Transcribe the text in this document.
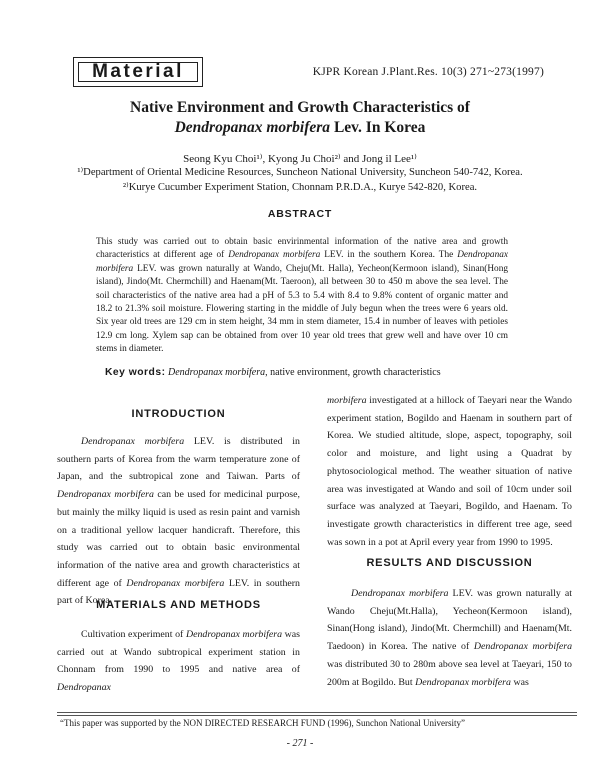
Material	KJPR Korean J.Plant.Res. 10(3) 271~273(1997)
Native Environment and Growth Characteristics of
Dendropanax morbifera Lev. In Korea
Seong Kyu Choi¹⁾, Kyong Ju Choi²⁾ and Jong il Lee¹⁾
¹⁾Department of Oriental Medicine Resources, Suncheon National University, Suncheon 540-742, Korea.
²⁾Kurye Cucumber Experiment Station, Chonnam P.R.D.A., Kurye 542-820, Korea.
ABSTRACT
This study was carried out to obtain basic envirinmental information of the native area and growth characteristics at different age of Dendropanax morbifera LEV. in the southern Korea. The Dendropanax morbifera LEV. was grown naturally at Wando, Cheju(Mt. Halla), Yecheon(Kermoon island), Sinan(Hong island), Jindo(Mt. Chermchill) and Haenam(Mt. Taeroon), all between 30 to 450 m above the sea level. The soil characteristics of the native area had a pH of 5.3 to 5.4 with 8.4 to 9.8% content of organic matter and 18.2 to 21.3% soil moisture. Flowering starting in the middle of July begun when the trees were 6 years old. Six year old trees are 129 cm in stem height, 34 mm in stem diameter, 15.4 in number of leaves with petioles 12.9 cm long. Xylem sap can be obtained from over 10 year old trees that grew well and have over 10 cm stems in diameter.
Key words: Dendropanax morbifera, native environment, growth characteristics
INTRODUCTION
Dendropanax morbifera LEV. is distributed in southern parts of Korea from the warm temperature zone of Japan, and the subtropical zone and Taiwan. Parts of Dendropanax morbifera can be used for medicinal purpose, but mainly the milky liquid is used as resin paint and varnish on a traditional yellow lacquer handicraft. Therefore, this study was carried out to obtain basic environmental information of the native area and growth characteristics at different age of Dendropanax morbifera LEV. in southern part of Korea.
MATERIALS AND METHODS
Cultivation experiment of Dendropanax morbifera was carried out at Wando subtropical experiment station in Chonnam from 1990 to 1995 and native area of Dendropanax
morbifera investigated at a hillock of Taeyari near the Wando experiment station, Bogildo and Haenam in southern part of Korea. We studied altitude, slope, aspect, topography, soil color and moisture, and light using a Quadrat by phytosociological method. The weather situation of native area was investigated at Wando and soil of 10cm under soil surface was analyzed at Taeyari, Bogildo, and Haenam. To investigate growth characteristics in different tree age, seed was sown in a pot at April every year from 1990 to 1995.
RESULTS AND DISCUSSION
Dendropanax morbifera LEV. was grown naturally at Wando Cheju(Mt.Halla), Yecheon(Kermoon island), Sinan(Hong island), Jindo(Mt. Chermchill) and Haenam(Mt. Taedoon) in Korea. The native of Dendropanax morbifera was distributed 30 to 280m above sea level at Taeyari, 150 to 200m at Bogildo. But Dendropanax morbifera was
“This paper was supported by the NON DIRECTED RESEARCH FUND (1996), Sunchon National University”
- 271 -
